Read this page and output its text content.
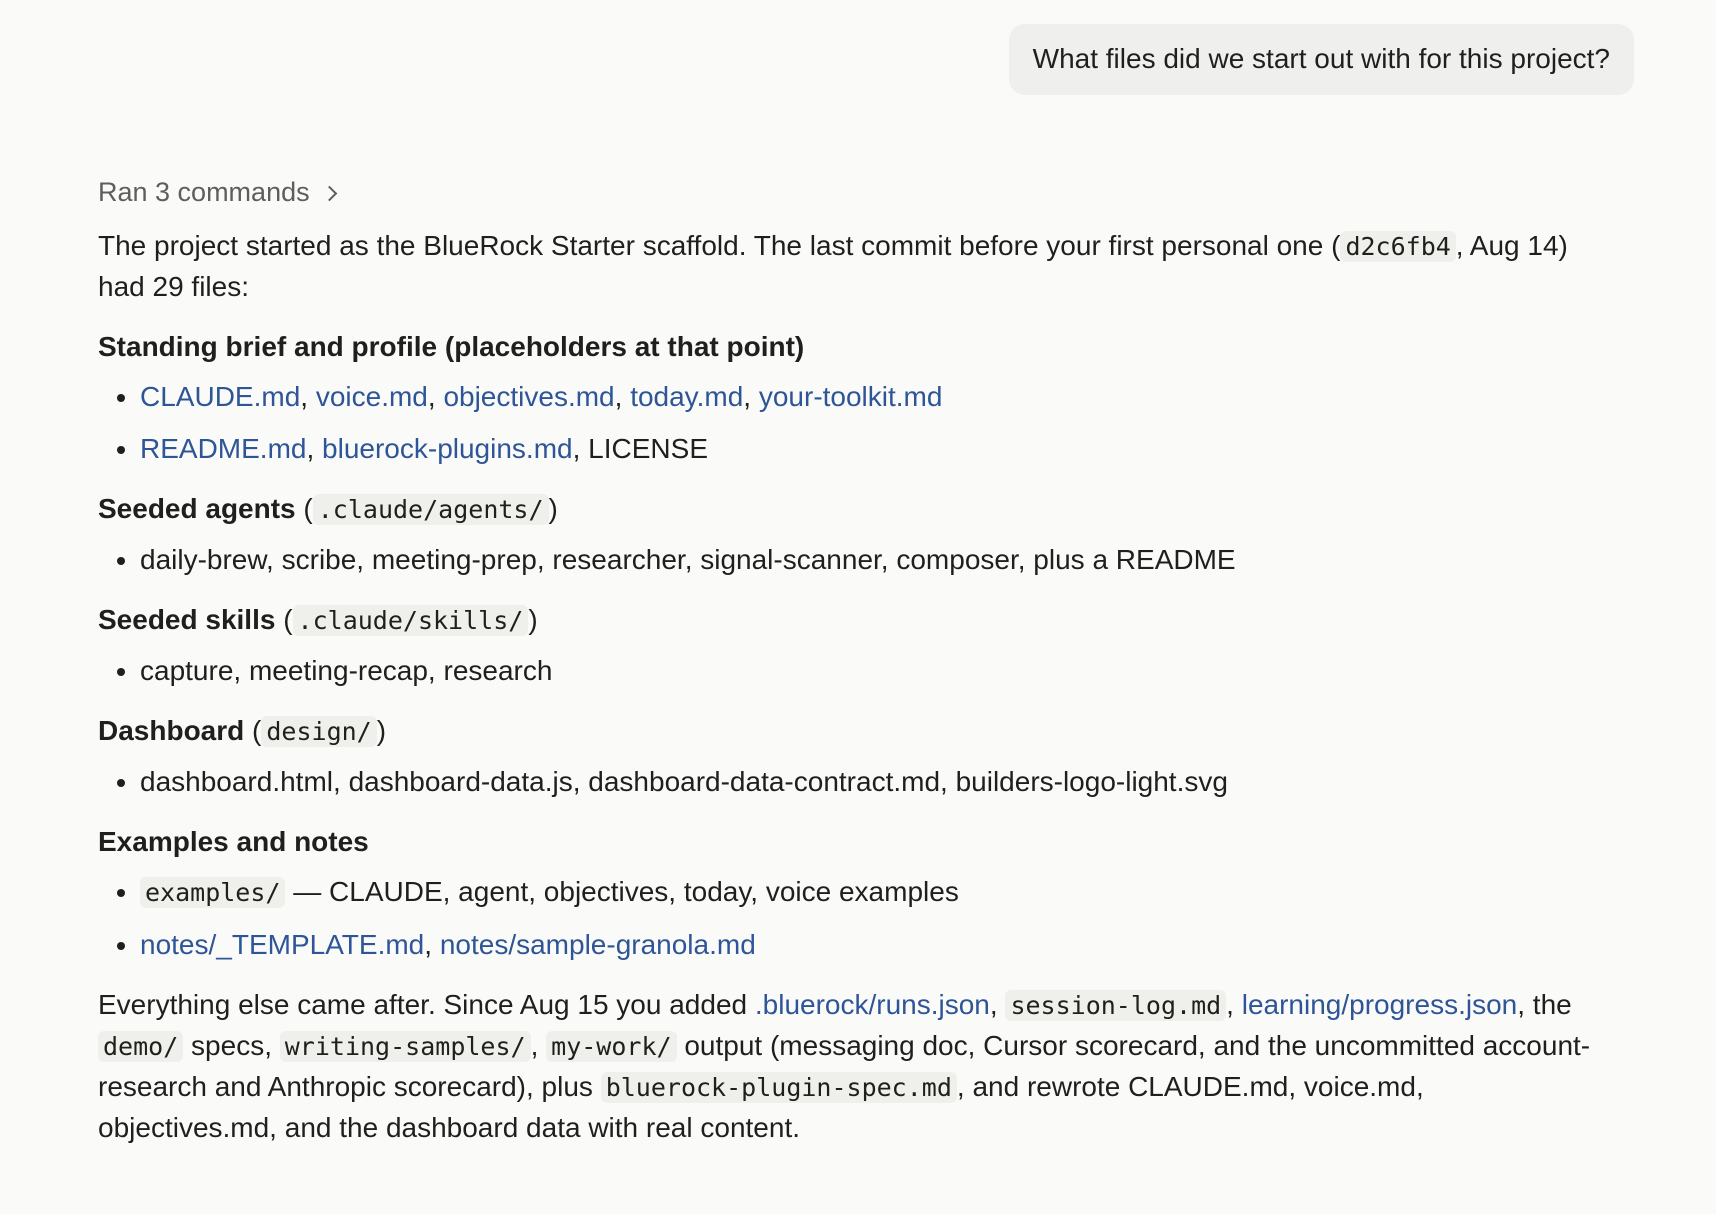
What files did we start out with for this project?
Ran 3 commands

The project started as the BlueRock Starter scaffold. The last commit before your first personal one ( d2c6fb4 , Aug 14) had 29 files:

Standing brief and profile (placeholders at that point)

• CLAUDE.md, voice.md, objectives.md, today.md, your-toolkit.md
• README.md, bluerock-plugins.md, LICENSE

Seeded agents ( .claude/agents/ )

• daily-brew, scribe, meeting-prep, researcher, signal-scanner, composer, plus a README

Seeded skills ( .claude/skills/ )

• capture, meeting-recap, research

Dashboard ( design/ )

• dashboard.html, dashboard-data.js, dashboard-data-contract.md, builders-logo-light.svg

Examples and notes

• examples/ — CLAUDE, agent, objectives, today, voice examples
• notes/_TEMPLATE.md, notes/sample-granola.md

Everything else came after. Since Aug 15 you added .bluerock/runs.json, session-log.md , learning/progress.json, the demo/ specs, writing-samples/ , my-work/ output (messaging doc, Cursor scorecard, and the uncommitted account-research and Anthropic scorecard), plus bluerock-plugin-spec.md , and rewrote CLAUDE.md, voice.md, objectives.md, and the dashboard data with real content.
